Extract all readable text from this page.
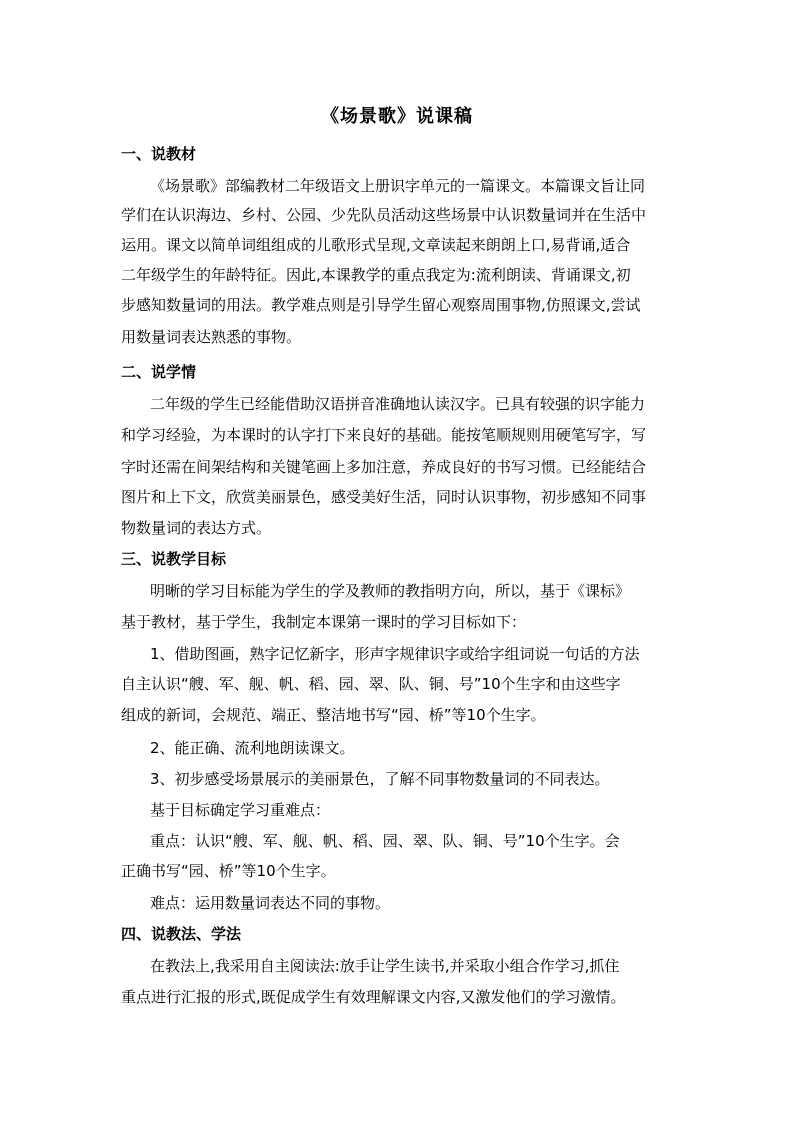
《场景歌》说课稿
一、说教材
《场景歌》部编教材二年级语文上册识字单元的一篇课文。本篇课文旨让同
学们在认识海边、乡村、公园、少先队员活动这些场景中认识数量词并在生活中
运用。课文以简单词组组成的儿歌形式呈现,文章读起来朗朗上口,易背诵,适合
二年级学生的年龄特征。因此,本课教学的重点我定为:流利朗读、背诵课文,初
步感知数量词的用法。教学难点则是引导学生留心观察周围事物,仿照课文,尝试
用数量词表达熟悉的事物。
二、说学情
二年级的学生已经能借助汉语拼音准确地认读汉字。已具有较强的识字能力
和学习经验，为本课时的认字打下来良好的基础。能按笔顺规则用硬笔写字，写
字时还需在间架结构和关键笔画上多加注意，养成良好的书写习惯。已经能结合
图片和上下文，欣赏美丽景色，感受美好生活，同时认识事物，初步感知不同事
物数量词的表达方式。
三、说教学目标
明晰的学习目标能为学生的学及教师的教指明方向，所以，基于《课标》
基于教材，基于学生，我制定本课第一课时的学习目标如下：
1、借助图画，熟字记忆新字，形声字规律识字或给字组词说一句话的方法
自主认识“艘、军、舰、帆、稻、园、翠、队、铜、号”10个生字和由这些字
组成的新词，会规范、端正、整洁地书写“园、桥”等10个生字。
2、能正确、流利地朗读课文。
3、初步感受场景展示的美丽景色，了解不同事物数量词的不同表达。
基于目标确定学习重难点：
重点：认识“艘、军、舰、帆、稻、园、翠、队、铜、号”10个生字。会
正确书写“园、桥”等10个生字。
难点：运用数量词表达不同的事物。
四、说教法、学法
在教法上,我采用自主阅读法:放手让学生读书,并采取小组合作学习,抓住
重点进行汇报的形式,既促成学生有效理解课文内容,又激发他们的学习激情。
